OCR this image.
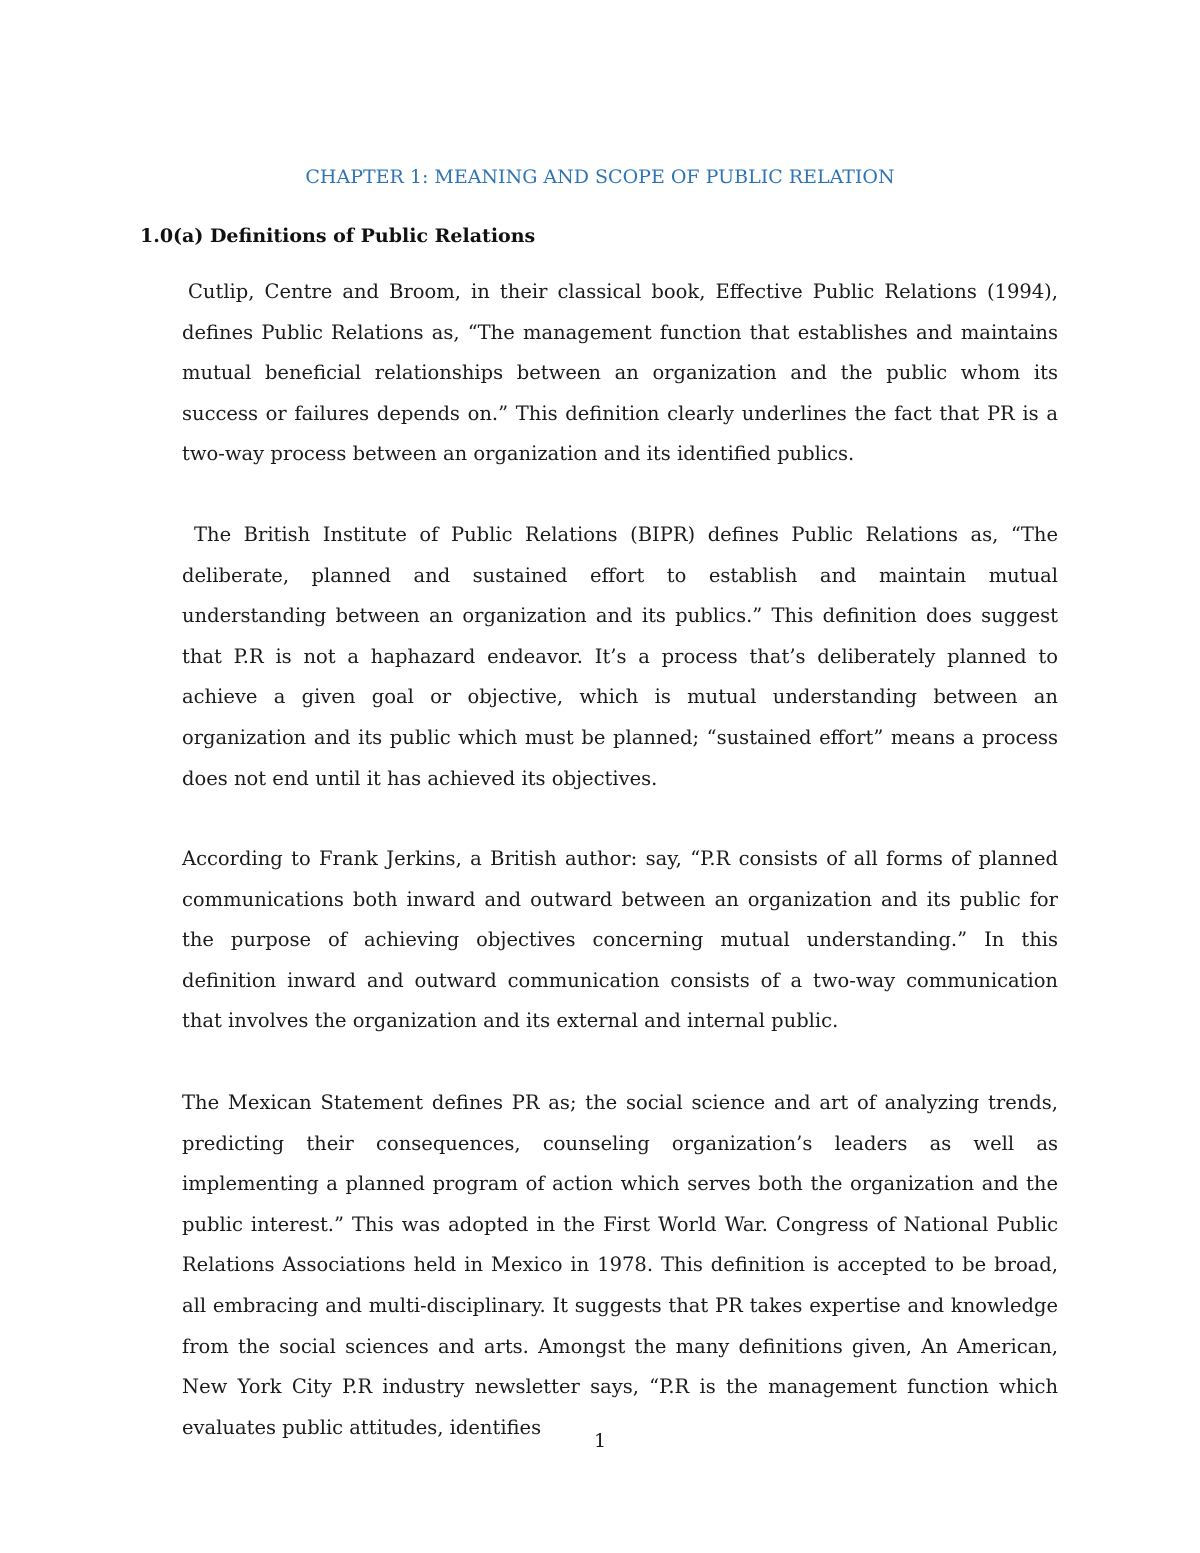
CHAPTER 1: MEANING AND SCOPE OF PUBLIC RELATION
1.0(a) Definitions of Public Relations

Cutlip, Centre and Broom, in their classical book, Effective Public Relations (1994), defines Public Relations as, “The management function that establishes and maintains mutual beneficial relationships between an organization and the public whom its success or failures depends on.” This definition clearly underlines the fact that PR is a two-way process between an organization and its identified publics.

The British Institute of Public Relations (BIPR) defines Public Relations as, “The deliberate, planned and sustained effort to establish and maintain mutual understanding between an organization and its publics.” This definition does suggest that P.R is not a haphazard endeavor. It’s a process that’s deliberately planned to achieve a given goal or objective, which is mutual understanding between an organization and its public which must be planned; “sustained effort” means a process does not end until it has achieved its objectives.

According to Frank Jerkins, a British author: say, “P.R consists of all forms of planned communications both inward and outward between an organization and its public for the purpose of achieving objectives concerning mutual understanding.” In this definition inward and outward communication consists of a two-way communication that involves the organization and its external and internal public.

The Mexican Statement defines PR as; the social science and art of analyzing trends, predicting their consequences, counseling organization’s leaders as well as implementing a planned program of action which serves both the organization and the public interest.” This was adopted in the First World War. Congress of National Public Relations Associations held in Mexico in 1978. This definition is accepted to be broad, all embracing and multi-disciplinary. It suggests that PR takes expertise and knowledge from the social sciences and arts. Amongst the many definitions given, An American, New York City P.R industry newsletter says, “P.R is the management function which evaluates public attitudes, identifies

1
